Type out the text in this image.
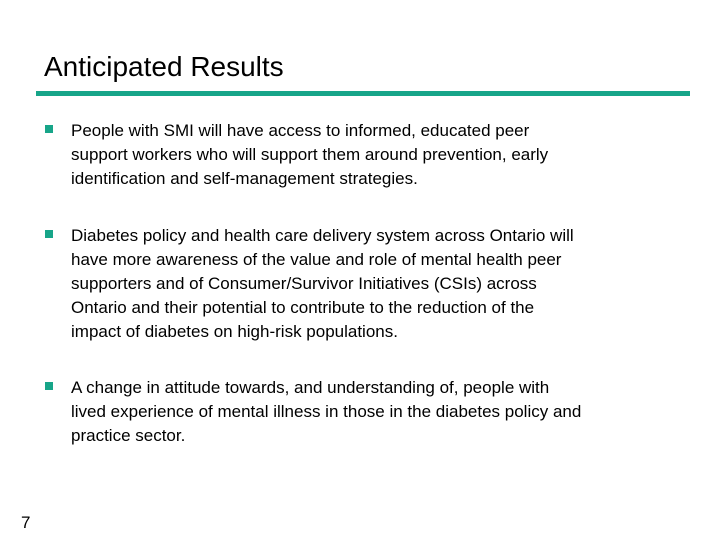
Anticipated Results

People with SMI will have access to informed, educated peer
support workers who will support them around prevention, early
identification and self-management strategies.

Diabetes policy and health care delivery system across Ontario will
have more awareness of the value and role of mental health peer
supporters and of Consumer/Survivor Initiatives (CSIs) across
Ontario and their potential to contribute to the reduction of the
impact of diabetes on high-risk populations.

A change in attitude towards, and understanding of, people with
lived experience of mental illness in those in the diabetes policy and
practice sector.

7
